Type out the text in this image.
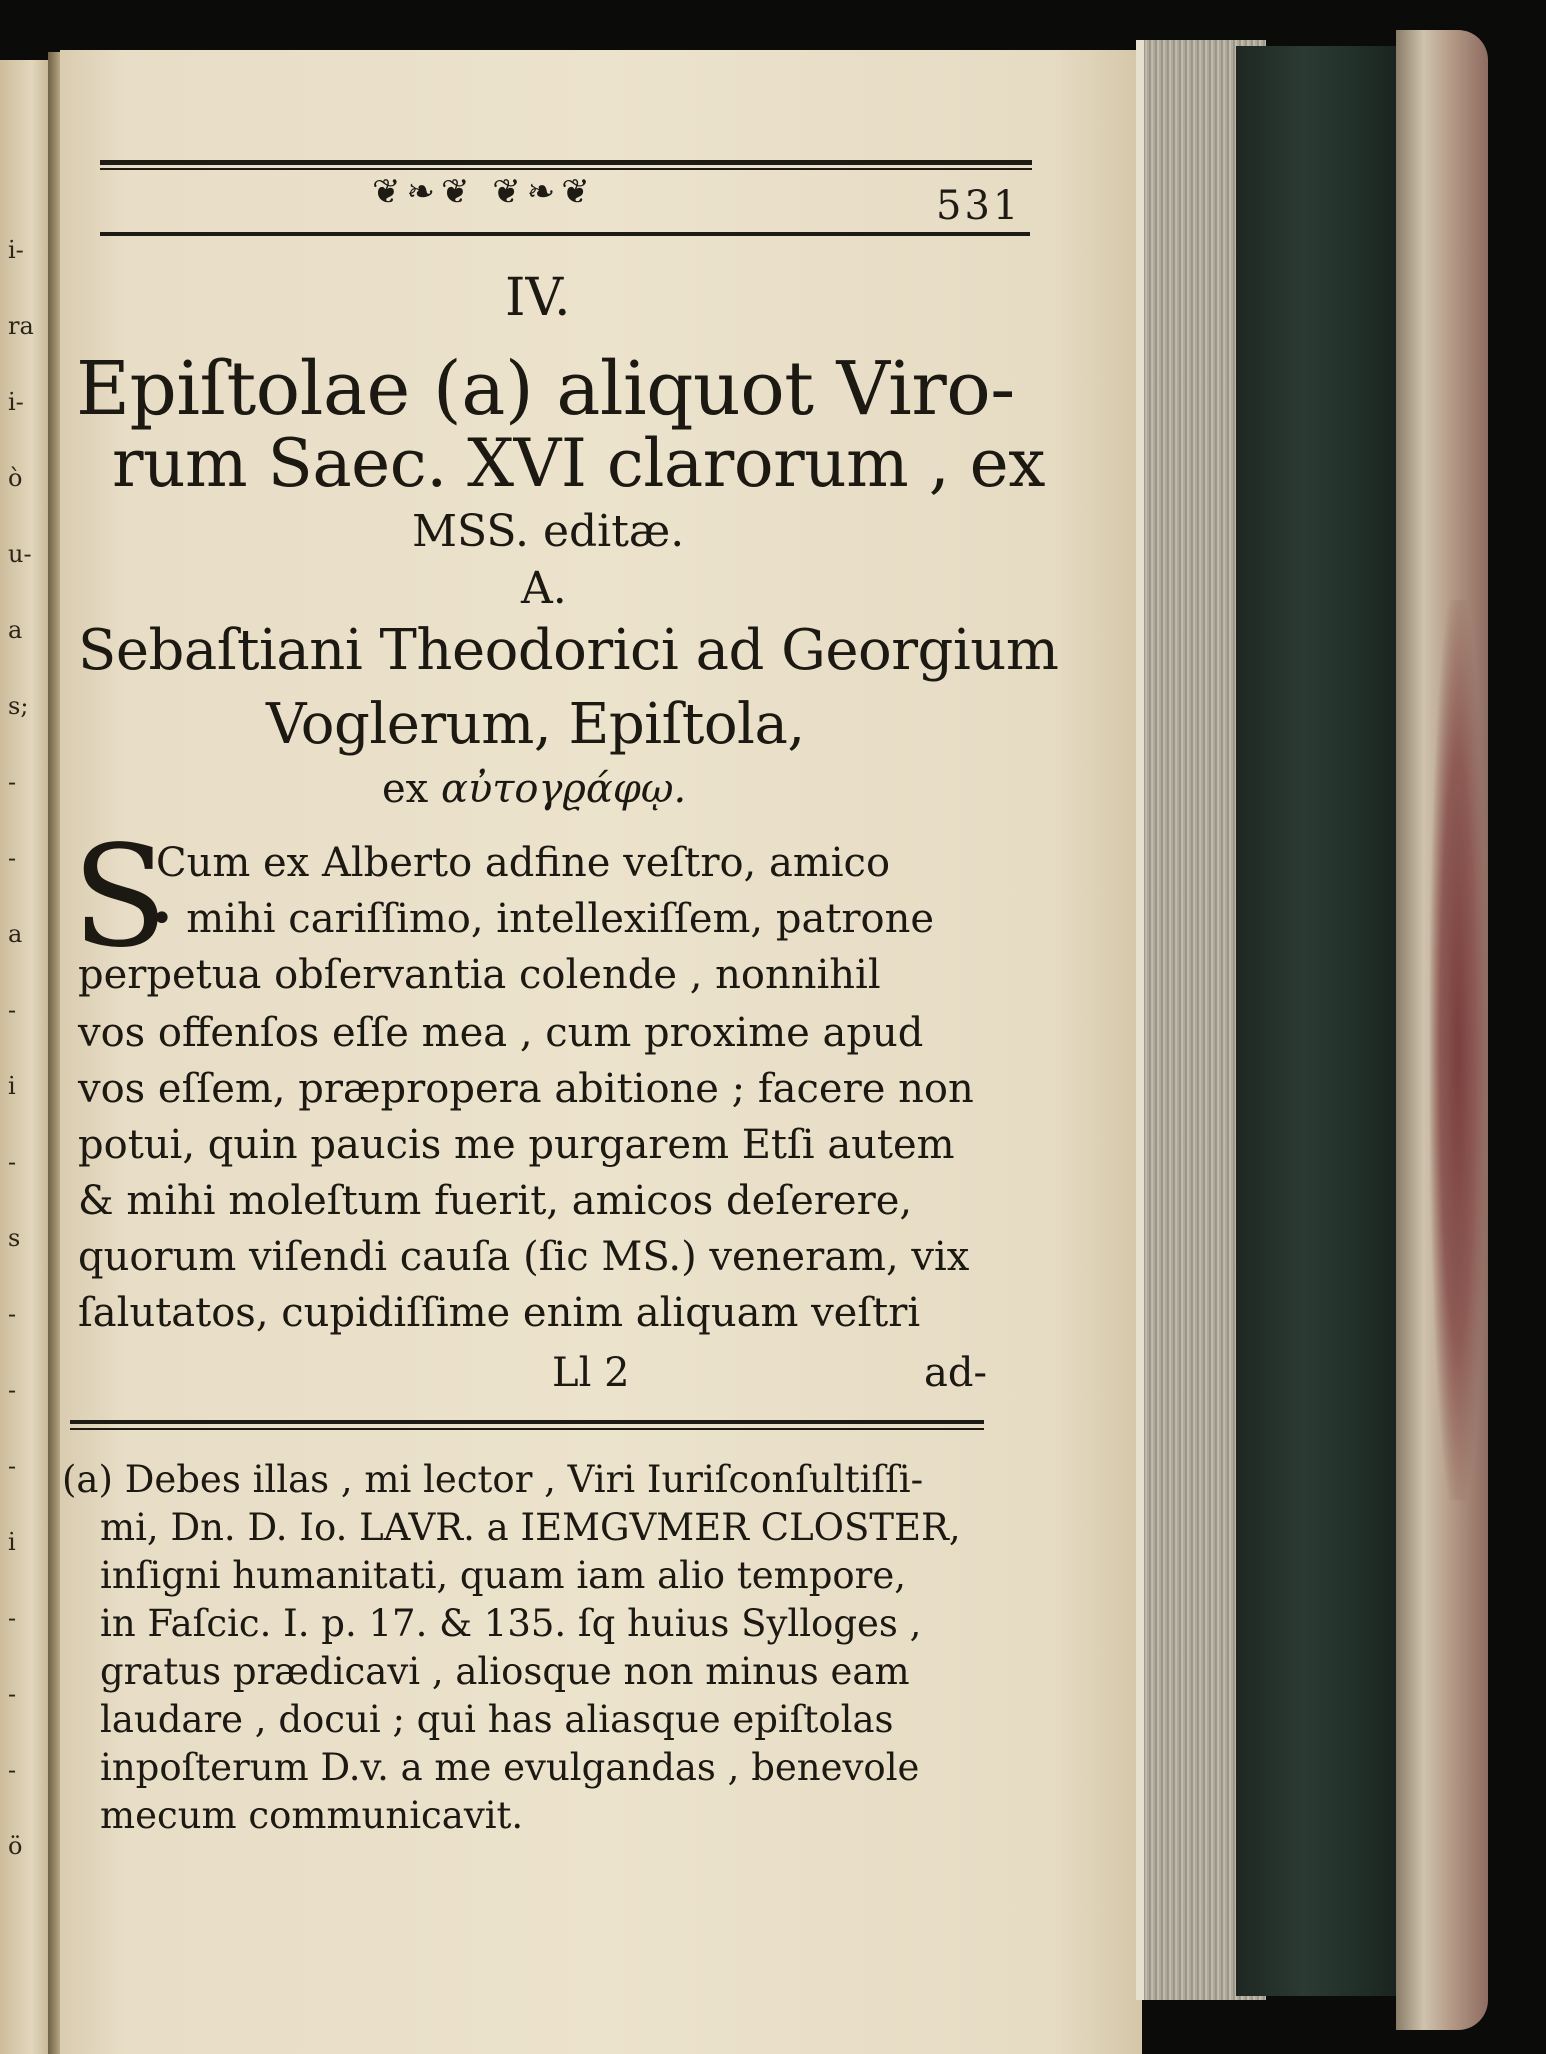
i-
ra
i-
ò
u-
a
s;
-
-
a
-
i
-
s
-
-
-
i
-
-
-
ö
❦❧❦ ❦❧❦	531
IV.
Epiſtolae (a) aliquot Viro-
rum Saec. XVI clarorum , ex
MSS. editæ.
A.
Sebaſtiani Theodorici ad Georgium
Voglerum, Epiſtola,
ex αὐτογϱάφῳ.
S
Cum ex Alberto adfine veſtro, amico
• mihi cariſſimo, intellexiſſem, patrone
perpetua obſervantia colende , nonnihil
vos offenſos eſſe mea , cum proxime apud
vos eſſem, præpropera abitione ; facere non
potui, quin paucis me purgarem Etſi autem
& mihi moleſtum fuerit, amicos deſerere,
quorum viſendi cauſa (ſic MS.) veneram, vix
ſalutatos, cupidiſſime enim aliquam veſtri
Ll 2	ad-
(a) Debes illas , mi lector , Viri Iuriſconſultiſſi-
mi, Dn. D. Io. LAVR. a IEMGVMER CLOSTER,
inſigni humanitati, quam iam alio tempore,
in Faſcic. I. p. 17. & 135. ſq huius Sylloges ,
gratus prædicavi , aliosque non minus eam
laudare , docui ; qui has aliasque epiſtolas
inpoſterum D.v. a me evulgandas , benevole
mecum communicavit.
